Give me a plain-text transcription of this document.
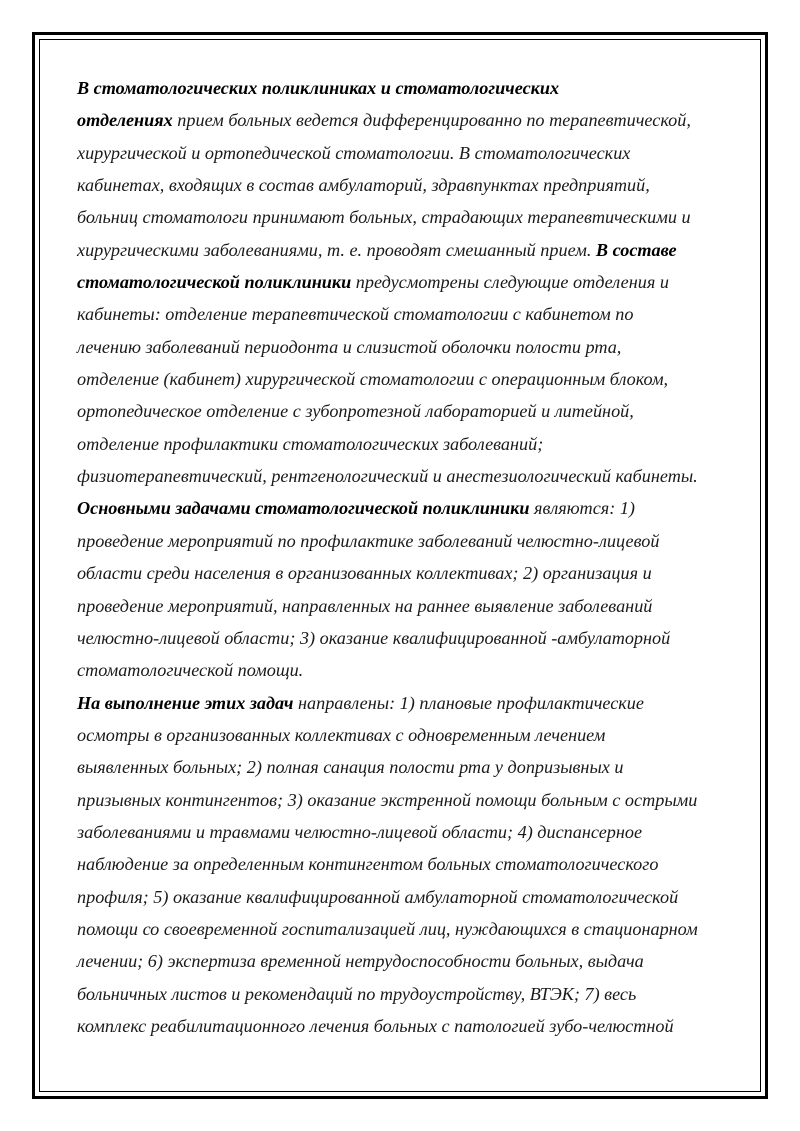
В стоматологических поликлиниках и стоматологических
отделениях прием больных ведется дифференцированно по терапевтической,
хирургической и ортопедической стоматологии. В стоматологических
кабинетах, входящих в состав амбулаторий, здравпунктах предприятий,
больниц стоматологи принимают больных, страдающих терапевтическими и
хирургическими заболеваниями, т. е. проводят смешанный прием. В составе
стоматологической поликлиники предусмотрены следующие отделения и
кабинеты: отделение терапевтической стоматологии с кабинетом по
лечению заболеваний периодонта и слизистой оболочки полости рта,
отделение (кабинет) хирургической стоматологии с операционным блоком,
ортопедическое отделение с зубопротезной лабораторией и литейной,
отделение профилактики стоматологических заболеваний;
физиотерапевтический, рентгенологический и анестезиологический кабинеты.
Основными задачами стоматологической поликлиники являются: 1)
проведение мероприятий по профилактике заболеваний челюстно-лицевой
области среди населения в организованных коллективах; 2) организация и
проведение мероприятий, направленных на раннее выявление заболеваний
челюстно-лицевой области; 3) оказание квалифицированной -амбулаторной
стоматологической помощи.
На выполнение этих задач направлены: 1) плановые профилактические
осмотры в организованных коллективах с одновременным лечением
выявленных больных; 2) полная санация полости рта у допризывных и
призывных контингентов; 3) оказание экстренной помощи больным с острыми
заболеваниями и травмами челюстно-лицевой области; 4) диспансерное
наблюдение за определенным контингентом больных стоматологического
профиля; 5) оказание квалифицированной амбулаторной стоматологической
помощи со своевременной госпитализацией лиц, нуждающихся в стационарном
лечении; 6) экспертиза временной нетрудоспособности больных, выдача
больничных листов и рекомендаций по трудоустройству, ВТЭК; 7) весь
комплекс реабилитационного лечения больных с патологией зубо-челюстной
